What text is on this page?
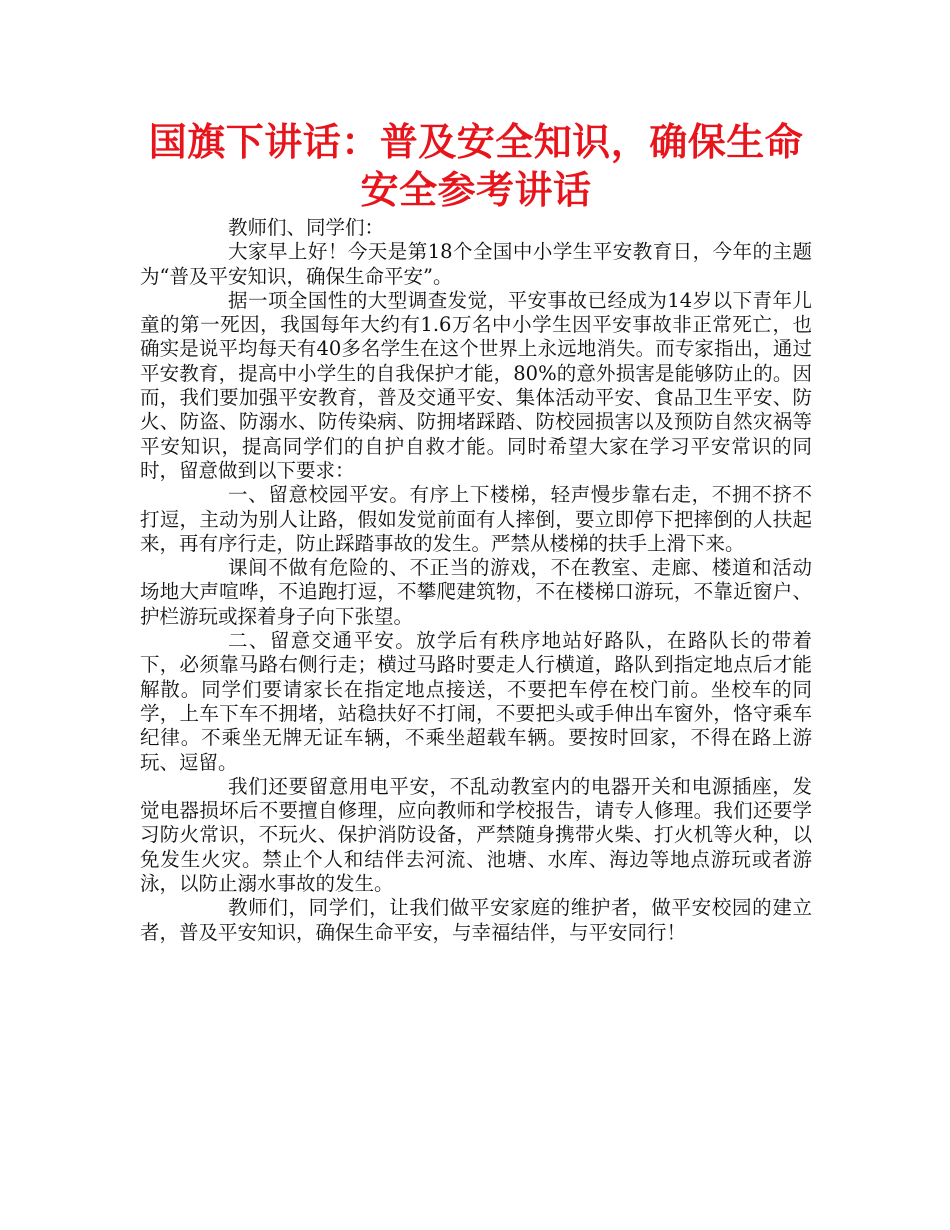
国旗下讲话：普及安全知识，确保生命安全参考讲话

教师们、同学们：

大家早上好！今天是第18个全国中小学生平安教育日，今年的主题为“普及平安知识，确保生命平安”。

据一项全国性的大型调查发觉，平安事故已经成为14岁以下青年儿童的第一死因，我国每年大约有1.6万名中小学生因平安事故非正常死亡，也确实是说平均每天有40多名学生在这个世界上永远地消失。而专家指出，通过平安教育，提高中小学生的自我保护才能，80%的意外损害是能够防止的。因而，我们要加强平安教育，普及交通平安、集体活动平安、食品卫生平安、防火、防盗、防溺水、防传染病、防拥堵踩踏、防校园损害以及预防自然灾祸等平安知识，提高同学们的自护自救才能。同时希望大家在学习平安常识的同时，留意做到以下要求：

一、留意校园平安。有序上下楼梯，轻声慢步靠右走，不拥不挤不打逗，主动为别人让路，假如发觉前面有人摔倒，要立即停下把摔倒的人扶起来，再有序行走，防止踩踏事故的发生。严禁从楼梯的扶手上滑下来。

课间不做有危险的、不正当的游戏，不在教室、走廊、楼道和活动场地大声喧哗，不追跑打逗，不攀爬建筑物，不在楼梯口游玩，不靠近窗户、护栏游玩或探着身子向下张望。

二、留意交通平安。放学后有秩序地站好路队，在路队长的带着下，必须靠马路右侧行走；横过马路时要走人行横道，路队到指定地点后才能解散。同学们要请家长在指定地点接送，不要把车停在校门前。坐校车的同学，上车下车不拥堵，站稳扶好不打闹，不要把头或手伸出车窗外，恪守乘车纪律。不乘坐无牌无证车辆，不乘坐超载车辆。要按时回家，不得在路上游玩、逗留。

我们还要留意用电平安，不乱动教室内的电器开关和电源插座，发觉电器损坏后不要擅自修理，应向教师和学校报告，请专人修理。我们还要学习防火常识，不玩火、保护消防设备，严禁随身携带火柴、打火机等火种，以免发生火灾。禁止个人和结伴去河流、池塘、水库、海边等地点游玩或者游泳，以防止溺水事故的发生。

教师们，同学们，让我们做平安家庭的维护者，做平安校园的建立者，普及平安知识，确保生命平安，与幸福结伴，与平安同行！
